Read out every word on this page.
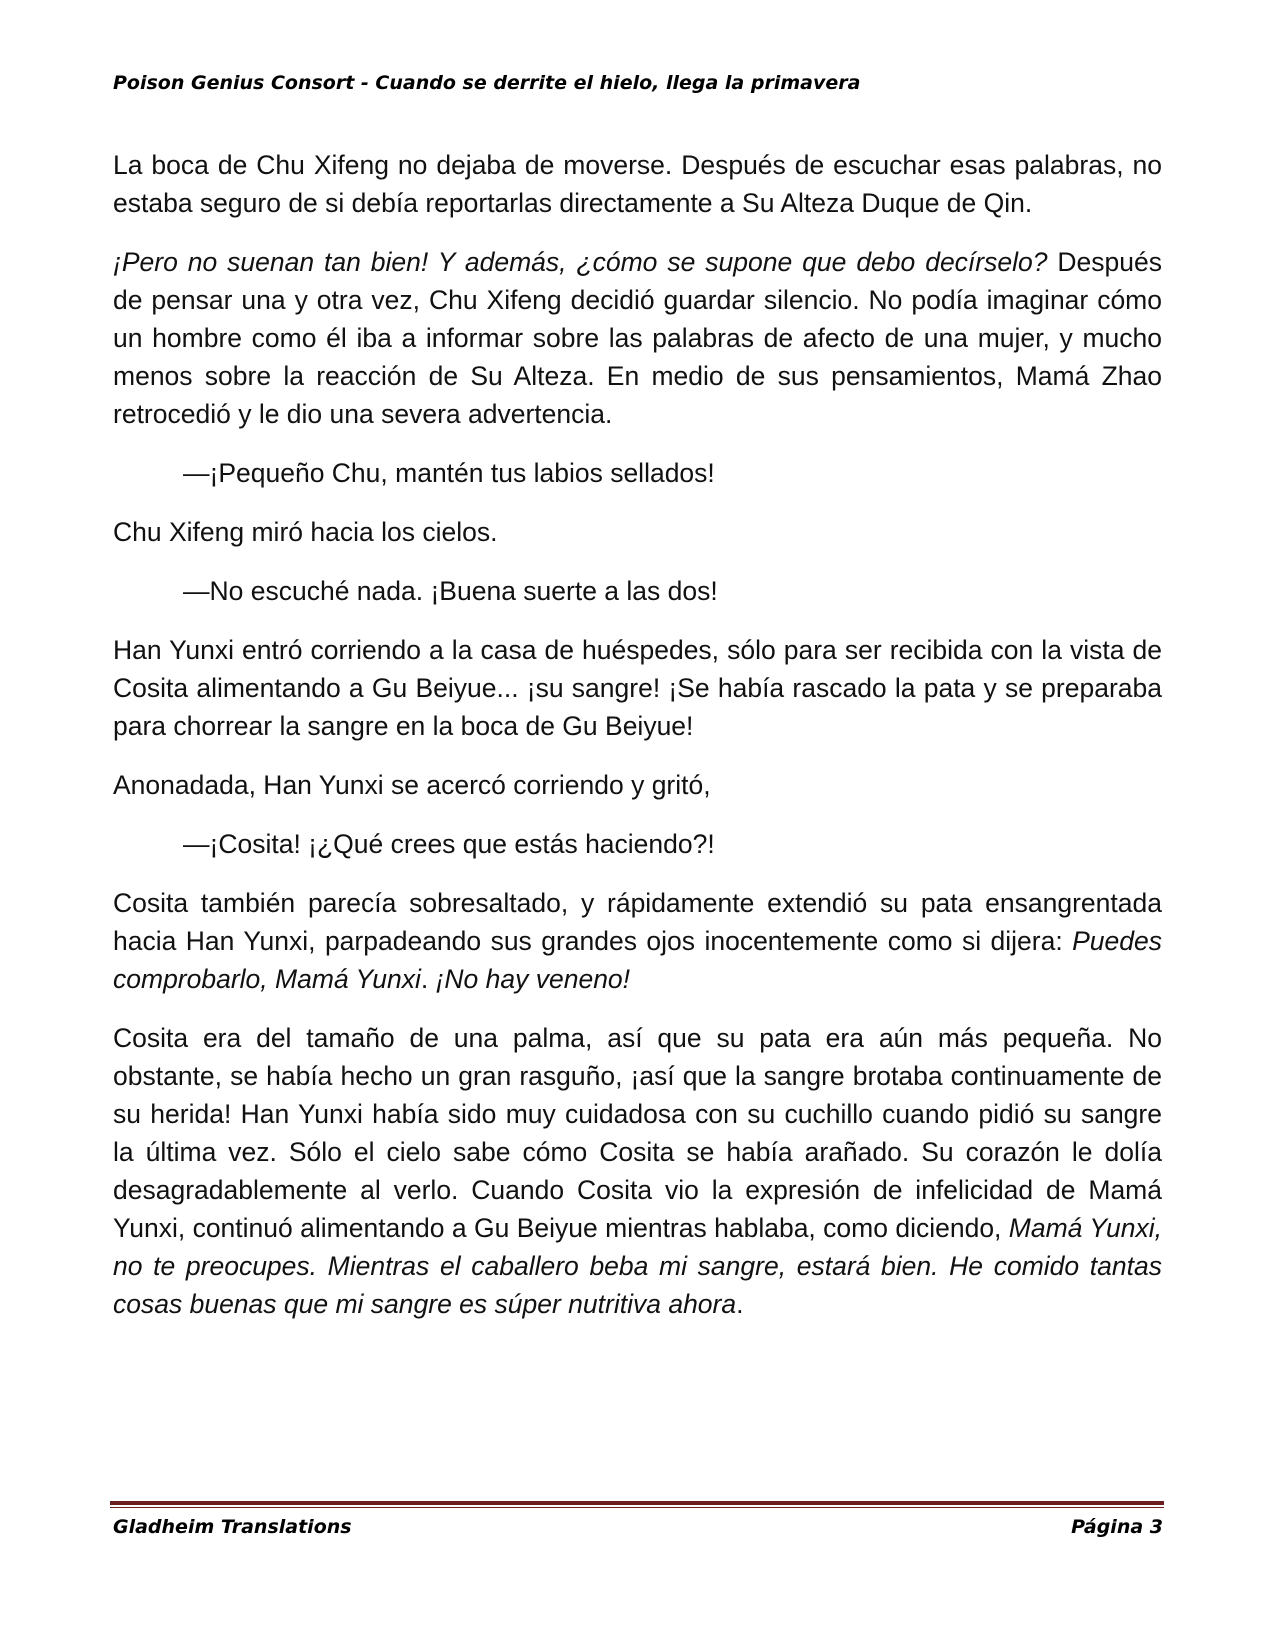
Poison Genius Consort - Cuando se derrite el hielo, llega la primavera

La boca de Chu Xifeng no dejaba de moverse. Después de escuchar esas palabras, no estaba seguro de si debía reportarlas directamente a Su Alteza Duque de Qin.

¡Pero no suenan tan bien! Y además, ¿cómo se supone que debo decírselo? Después de pensar una y otra vez, Chu Xifeng decidió guardar silencio. No podía imaginar cómo un hombre como él iba a informar sobre las palabras de afecto de una mujer, y mucho menos sobre la reacción de Su Alteza. En medio de sus pensamientos, Mamá Zhao retrocedió y le dio una severa advertencia.

—¡Pequeño Chu, mantén tus labios sellados!

Chu Xifeng miró hacia los cielos.

—No escuché nada. ¡Buena suerte a las dos!

Han Yunxi entró corriendo a la casa de huéspedes, sólo para ser recibida con la vista de Cosita alimentando a Gu Beiyue... ¡su sangre! ¡Se había rascado la pata y se preparaba para chorrear la sangre en la boca de Gu Beiyue!

Anonadada, Han Yunxi se acercó corriendo y gritó,

—¡Cosita! ¡¿Qué crees que estás haciendo?!

Cosita también parecía sobresaltado, y rápidamente extendió su pata ensangrentada hacia Han Yunxi, parpadeando sus grandes ojos inocentemente como si dijera: Puedes comprobarlo, Mamá Yunxi. ¡No hay veneno!

Cosita era del tamaño de una palma, así que su pata era aún más pequeña. No obstante, se había hecho un gran rasguño, ¡así que la sangre brotaba continuamente de su herida! Han Yunxi había sido muy cuidadosa con su cuchillo cuando pidió su sangre la última vez. Sólo el cielo sabe cómo Cosita se había arañado. Su corazón le dolía desagradablemente al verlo. Cuando Cosita vio la expresión de infelicidad de Mamá Yunxi, continuó alimentando a Gu Beiyue mientras hablaba, como diciendo, Mamá Yunxi, no te preocupes. Mientras el caballero beba mi sangre, estará bien. He comido tantas cosas buenas que mi sangre es súper nutritiva ahora.

Gladheim Translations	Página 3
